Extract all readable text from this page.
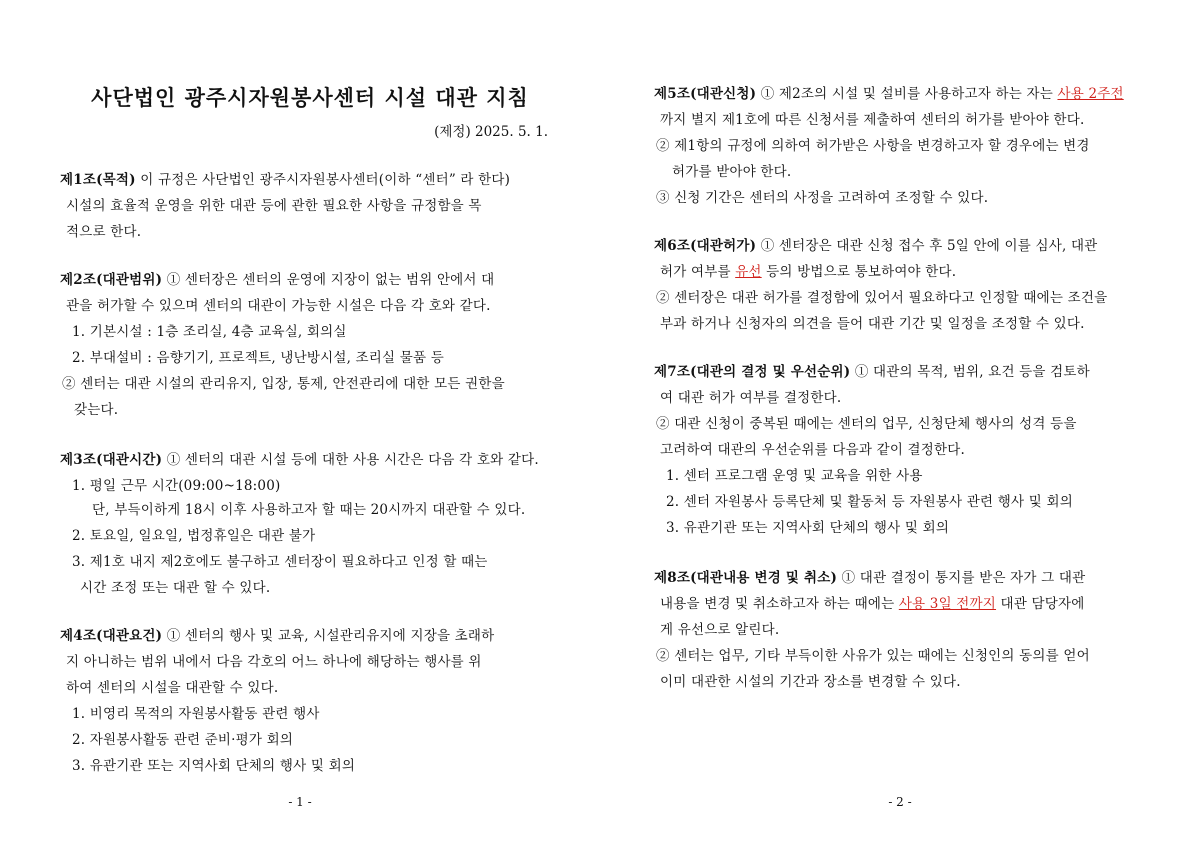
사단법인 광주시자원봉사센터 시설 대관 지침
(제정) 2025. 5. 1.
제1조(목적) 이 규정은 사단법인 광주시자원봉사센터(이하 “센터” 라 한다)
시설의 효율적 운영을 위한 대관 등에 관한 필요한 사항을 규정함을 목
적으로 한다.
제2조(대관범위) ① 센터장은 센터의 운영에 지장이 없는 범위 안에서 대
관을 허가할 수 있으며 센터의 대관이 가능한 시설은 다음 각 호와 같다.
1. 기본시설 : 1층 조리실, 4층 교육실, 회의실
2. 부대설비 : 음향기기, 프로젝트, 냉난방시설, 조리실 물품 등
② 센터는 대관 시설의 관리유지, 입장, 통제, 안전관리에 대한 모든 권한을
갖는다.
제3조(대관시간) ① 센터의 대관 시설 등에 대한 사용 시간은 다음 각 호와 같다.
1. 평일 근무 시간(09:00~18:00)
단, 부득이하게 18시 이후 사용하고자 할 때는 20시까지 대관할 수 있다.
2. 토요일, 일요일, 법정휴일은 대관 불가
3. 제1호 내지 제2호에도 불구하고 센터장이 필요하다고 인정 할 때는
시간 조정 또는 대관 할 수 있다.
제4조(대관요건) ① 센터의 행사 및 교육, 시설관리유지에 지장을 초래하
지 아니하는 범위 내에서 다음 각호의 어느 하나에 해당하는 행사를 위
하여 센터의 시설을 대관할 수 있다.
1. 비영리 목적의 자원봉사활동 관련 행사
2. 자원봉사활동 관련 준비·평가 회의
3. 유관기관 또는 지역사회 단체의 행사 및 회의
- 1 -
제5조(대관신청) ① 제2조의 시설 및 설비를 사용하고자 하는 자는 사용 2주전
까지 별지 제1호에 따른 신청서를 제출하여 센터의 허가를 받아야 한다.
② 제1항의 규정에 의하여 허가받은 사항을 변경하고자 할 경우에는 변경
허가를 받아야 한다.
③ 신청 기간은 센터의 사정을 고려하여 조정할 수 있다.
제6조(대관허가) ① 센터장은 대관 신청 접수 후 5일 안에 이를 심사, 대관
허가 여부를 유선 등의 방법으로 통보하여야 한다.
② 센터장은 대관 허가를 결정함에 있어서 필요하다고 인정할 때에는 조건을
부과 하거나 신청자의 의견을 들어 대관 기간 및 일정을 조정할 수 있다.
제7조(대관의 결정 및 우선순위) ① 대관의 목적, 범위, 요건 등을 검토하
여 대관 허가 여부를 결정한다.
② 대관 신청이 중복된 때에는 센터의 업무, 신청단체 행사의 성격 등을
고려하여 대관의 우선순위를 다음과 같이 결정한다.
1. 센터 프로그램 운영 및 교육을 위한 사용
2. 센터 자원봉사 등록단체 및 활동처 등 자원봉사 관련 행사 및 회의
3. 유관기관 또는 지역사회 단체의 행사 및 회의
제8조(대관내용 변경 및 취소) ① 대관 결정이 통지를 받은 자가 그 대관
내용을 변경 및 취소하고자 하는 때에는 사용 3일 전까지 대관 담당자에
게 유선으로 알린다.
② 센터는 업무, 기타 부득이한 사유가 있는 때에는 신청인의 동의를 얻어
이미 대관한 시설의 기간과 장소를 변경할 수 있다.
- 2 -
